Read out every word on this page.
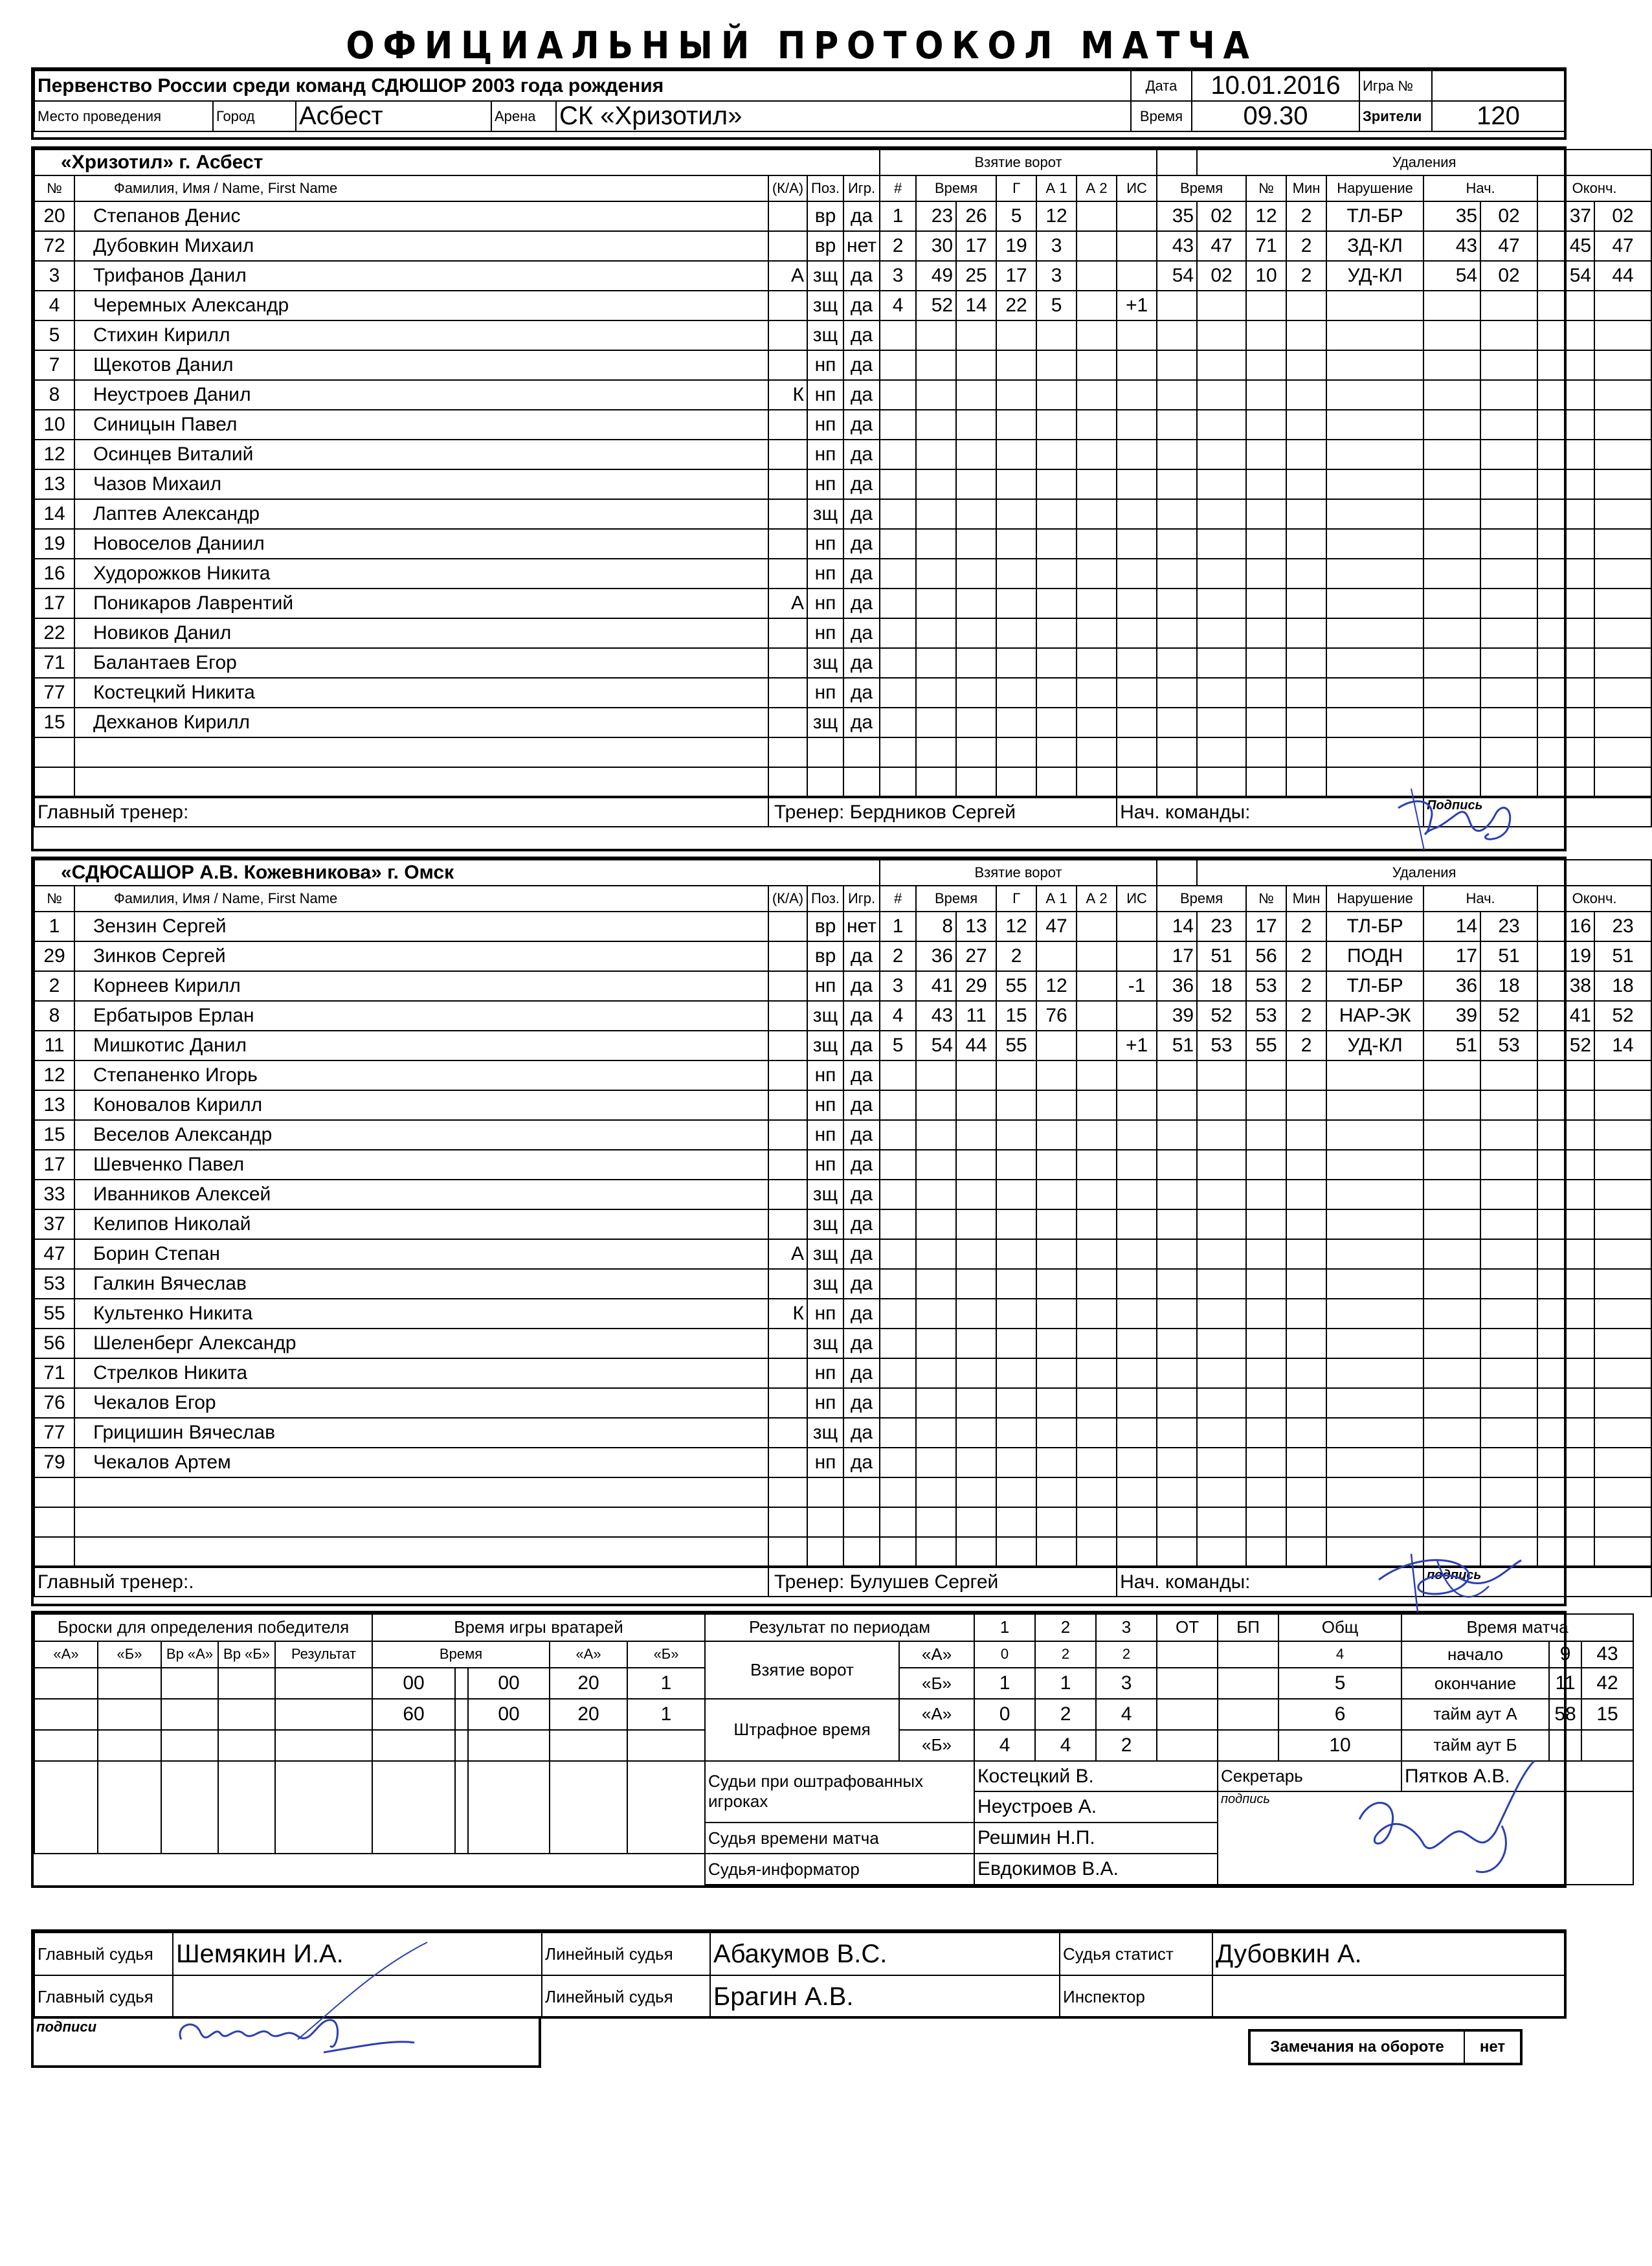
ОФИЦИАЛЬНЫЙ ПРОТОКОЛ МАТЧА
Первенство России среди команд СДЮШОР 2003 года рождения	Дата	10.01.2016	Игра №	
Место проведения	Город	Асбест	Арена	СК «Хризотил»	Время	09.30	Зрители	120
«Хризотил» г. Асбест					Взятие ворот								Удаления							
№	Фамилия, Имя / Name, First Name	(К/А)	Поз.	Игр.	#	Время		Г	А 1	А 2	ИС	Время		№	Мин	Нарушение	Нач.		Оконч.	
20	Степанов Денис		вр	да	1	23	26	5	12			35	02	12	2	ТЛ-БР	35	02	37	02
72	Дубовкин Михаил		вр	нет	2	30	17	19	3			43	47	71	2	ЗД-КЛ	43	47	45	47
3	Трифанов Данил	А	зщ	да	3	49	25	17	3			54	02	10	2	УД-КЛ	54	02	54	44
4	Черемных Александр		зщ	да	4	52	14	22	5		+1									
5	Стихин Кирилл		зщ	да																
7	Щекотов Данил		нп	да																
8	Неустроев Данил	К	нп	да																
10	Синицын Павел		нп	да																
12	Осинцев Виталий		нп	да																
13	Чазов Михаил		нп	да																
14	Лаптев Александр		зщ	да																
19	Новоселов Даниил		нп	да																
16	Худорожков Никита		нп	да																
17	Поникаров Лаврентий	А	нп	да																
22	Новиков Данил		нп	да																
71	Балантаев Егор		зщ	да																
77	Костецкий Никита		нп	да																
15	Дехканов Кирилл		зщ	да																

Главный тренер:		Тренер: Бердников Сергей									Нач. команды:						Подпись			
«СДЮСАШОР А.В. Кожевникова» г. Омск					Взятие ворот								Удаления							
№	Фамилия, Имя / Name, First Name	(К/А)	Поз.	Игр.	#	Время		Г	А 1	А 2	ИС	Время		№	Мин	Нарушение	Нач.		Оконч.	
1	Зензин Сергей		вр	нет	1	8	13	12	47			14	23	17	2	ТЛ-БР	14	23	16	23
29	Зинков Сергей		вр	да	2	36	27	2				17	51	56	2	ПОДН	17	51	19	51
2	Корнеев Кирилл		нп	да	3	41	29	55	12		-1	36	18	53	2	ТЛ-БР	36	18	38	18
8	Ербатыров Ерлан		зщ	да	4	43	11	15	76			39	52	53	2	НАР-ЭК	39	52	41	52
11	Мишкотис Данил		зщ	да	5	54	44	55			+1	51	53	55	2	УД-КЛ	51	53	52	14
12	Степаненко Игорь		нп	да																
13	Коновалов Кирилл		нп	да																
15	Веселов Александр		нп	да																
17	Шевченко Павел		нп	да																
33	Иванников Алексей		зщ	да																
37	Келипов Николай		зщ	да																
47	Борин Степан	А	зщ	да																
53	Галкин Вячеслав		зщ	да																
55	Культенко Никита	К	нп	да																
56	Шеленберг Александр		зщ	да																
71	Стрелков Никита		нп	да																
76	Чекалов Егор		нп	да																
77	Грицишин Вячеслав		зщ	да																
79	Чекалов Артем		нп	да																

Главный тренер:.		Тренер: Булушев Сергей									Нач. команды:						подпись			
Броски для определения победителя					Время игры вратарей					Результат по периодам		1	2	3	ОТ	БП	Общ	Время матча		
«А»	«Б»	Вр «А»	Вр «Б»	Результат	Время			«А»	«Б»	Взятие ворот	«А»	0	2	2			4	начало	9	43
					00		00	20	1		«Б»	1	1	3			5	окончание	11	42
					60		00	20	1	Штрафное время	«А»	0	2	4			6	тайм аут А	58	15
											«Б»	4	4	2			10	тайм аут Б		
										Судьи при оштрафованных игроках		Костецкий В.				Секретарь		Пятков А.В.		
												Неустроев А.				подпись				
										Судья времени матча		Решмин Н.П.								
										Судья-информатор		Евдокимов В.А.								
Главный судья	Шемякин И.А.	Линейный судья	Абакумов В.С.	Судья статист	Дубовкин А.
Главный судья		Линейный судья	Брагин А.В.	Инспектор	
подписи
Замечания на обороте	нет
